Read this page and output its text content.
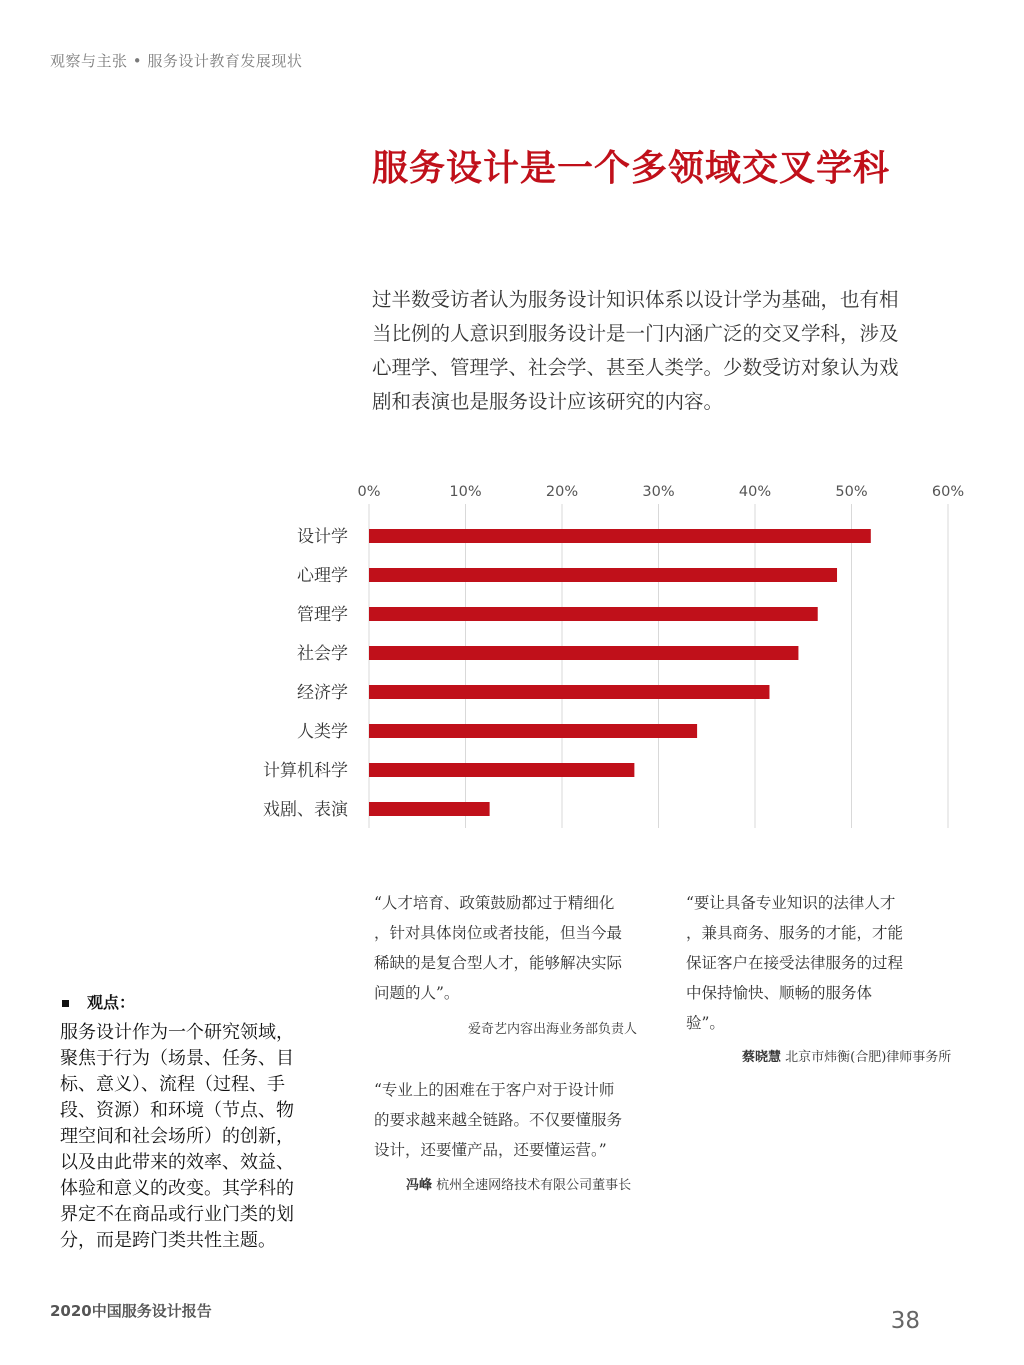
观察与主张 • 服务设计教育发展现状
服务设计是一个多领域交叉学科
过半数受访者认为服务设计知识体系以设计学为基础，也有相
当比例的人意识到服务设计是一门内涵广泛的交叉学科，涉及
心理学、管理学、社会学、甚至人类学。少数受访对象认为戏
剧和表演也是服务设计应该研究的内容。
0%	10%	20%	30%	40%	50%	60%
设计学
心理学
管理学
社会学
经济学
人类学
计算机科学
戏剧、表演
“人才培育、政策鼓励都过于精细化
，针对具体岗位或者技能，但当今最
稀缺的是复合型人才，能够解决实际
问题的人”。
爱奇艺内容出海业务部负责人
“专业上的困难在于客户对于设计师
的要求越来越全链路。不仅要懂服务
设计，还要懂产品，还要懂运营。”
冯峰 杭州全速网络技术有限公司董事长
“要让具备专业知识的法律人才
，兼具商务、服务的才能，才能
保证客户在接受法律服务的过程
中保持愉快、顺畅的服务体
验”。
蔡晓慧 北京市炜衡(合肥)律师事务所
观点：
服务设计作为一个研究领域，
聚焦于行为（场景、任务、目
标、意义）、流程（过程、手
段、资源）和环境（节点、物
理空间和社会场所）的创新，
以及由此带来的效率、效益、
体验和意义的改变。其学科的
界定不在商品或行业门类的划
分，而是跨门类共性主题。
2020中国服务设计报告	38
